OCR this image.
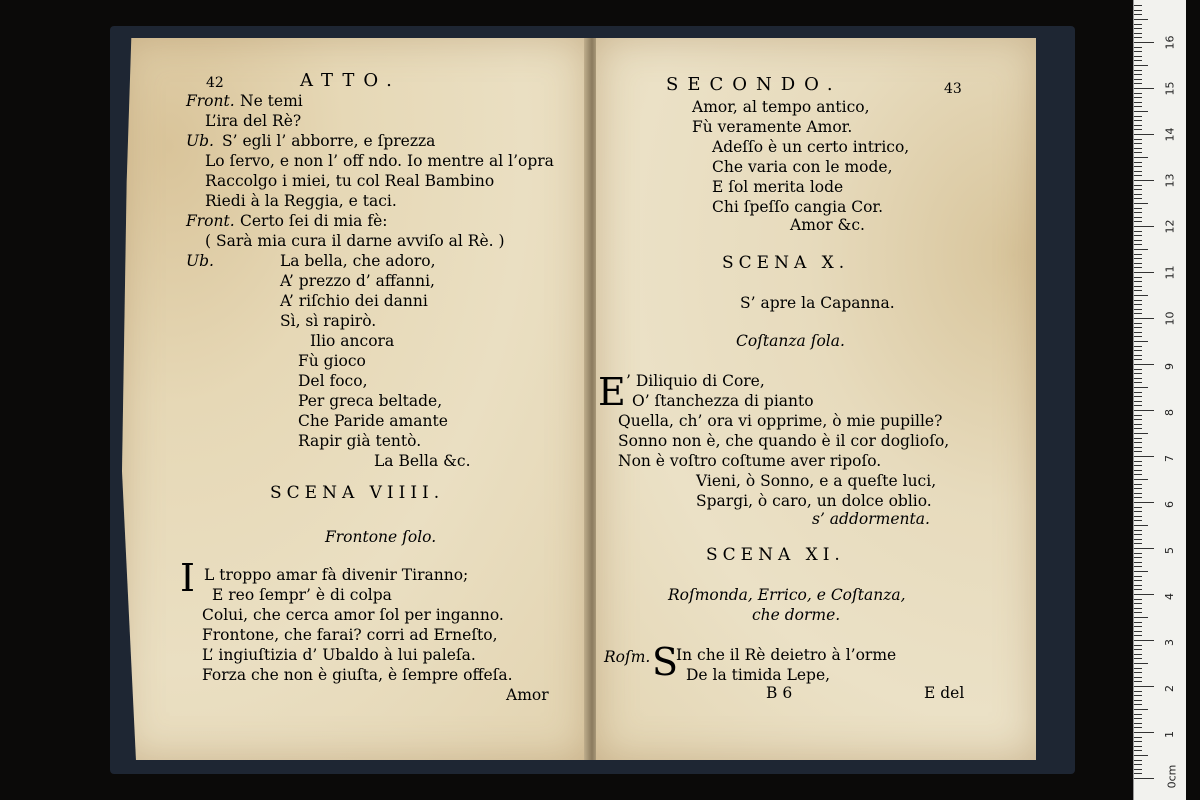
42	ATTO.
Front. Ne temi
L’ira del Rè?
Ub. S’ egli l’ abborre, e ſprezza
Lo ſervo, e non l’ off ndo. Io mentre al l’opra
Raccolgo i miei, tu col Real Bambino
Riedi à la Reggia, e taci.
Front. Certo ſei di mia fè:
( Sarà mia cura il darne avviſo al Rè. )
Ub.	La bella, che adoro,
A’ prezzo d’ affanni,
A’ riſchio dei danni
Sì, sì rapirò.
Ilio ancora
Fù gioco
Del foco,
Per greca beltade,
Che Paride amante
Rapir già tentò.
La Bella &c.
SCENA VIIII.
Frontone ſolo.
I L troppo amar fà divenir Tiranno;
E reo ſempr’ è di colpa
Colui, che cerca amor ſol per inganno.
Frontone, che farai? corri ad Erneſto,
L’ ingiuſtizia d’ Ubaldo à lui paleſa.
Forza che non è giuſta, è ſempre offeſa.
Amor
SECONDO.	43
Amor, al tempo antico,
Fù veramente Amor.
Adeſſo è un certo intrico,
Che varia con le mode,
E ſol merita lode
Chi ſpeſſo cangia Cor.
Amor &c.
SCENA X.
S’ apre la Capanna.
Coſtanza ſola.
E ’ Diliquio di Core,
O’ ſtanchezza di pianto
Quella, ch’ ora vi opprime, ò mie pupille?
Sonno non è, che quando è il cor doglioſo,
Non è voſtro coſtume aver ripoſo.
Vieni, ò Sonno, e a queſte luci,
Spargi, ò caro, un dolce oblio.
s’ addormenta.
SCENA XI.
Roſmonda, Errico, e Coſtanza,
che dorme.
Roſm. S
In che il Rè deietro à l’orme
De la timida Lepe,
B 6	E del
0cm
1
2
3
4
5
6
7
8
9
10
11
12
13
14
15
16
